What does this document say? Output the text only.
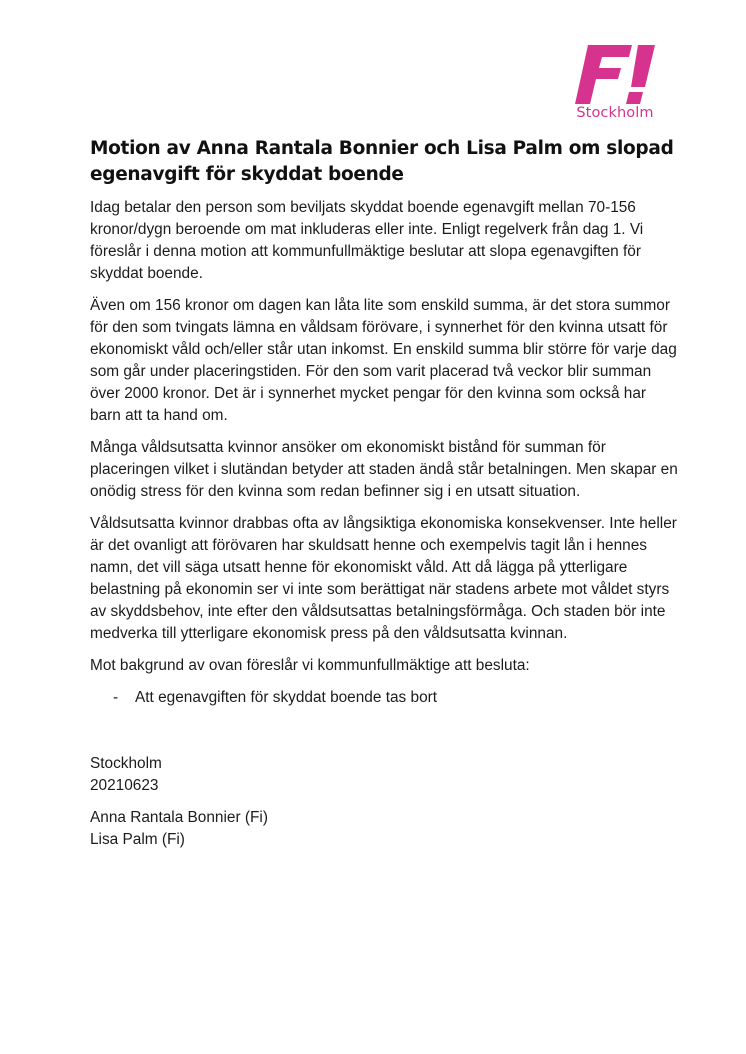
Stockholm
Motion av Anna Rantala Bonnier och Lisa Palm om slopad egenavgift för skyddat boende

Idag betalar den person som beviljats skyddat boende egenavgift mellan 70-156 kronor/dygn beroende om mat inkluderas eller inte. Enligt regelverk från dag 1. Vi föreslår i denna motion att kommunfullmäktige beslutar att slopa egenavgiften för skyddat boende.

Även om 156 kronor om dagen kan låta lite som enskild summa, är det stora summor för den som tvingats lämna en våldsam förövare, i synnerhet för den kvinna utsatt för ekonomiskt våld och/eller står utan inkomst. En enskild summa blir större för varje dag som går under placeringstiden. För den som varit placerad två veckor blir summan över 2000 kronor. Det är i synnerhet mycket pengar för den kvinna som också har barn att ta hand om.

Många våldsutsatta kvinnor ansöker om ekonomiskt bistånd för summan för placeringen vilket i slutändan betyder att staden ändå står betalningen. Men skapar en onödig stress för den kvinna som redan befinner sig i en utsatt situation.

Våldsutsatta kvinnor drabbas ofta av långsiktiga ekonomiska konsekvenser. Inte heller är det ovanligt att förövaren har skuldsatt henne och exempelvis tagit lån i hennes namn, det vill säga utsatt henne för ekonomiskt våld. Att då lägga på ytterligare belastning på ekonomin ser vi inte som berättigat när stadens arbete mot våldet styrs av skyddsbehov, inte efter den våldsutsattas betalningsförmåga. Och staden bör inte medverka till ytterligare ekonomisk press på den våldsutsatta kvinnan.

Mot bakgrund av ovan föreslår vi kommunfullmäktige att besluta:

-	Att egenavgiften för skyddat boende tas bort

Stockholm
20210623

Anna Rantala Bonnier (Fi)
Lisa Palm (Fi)
